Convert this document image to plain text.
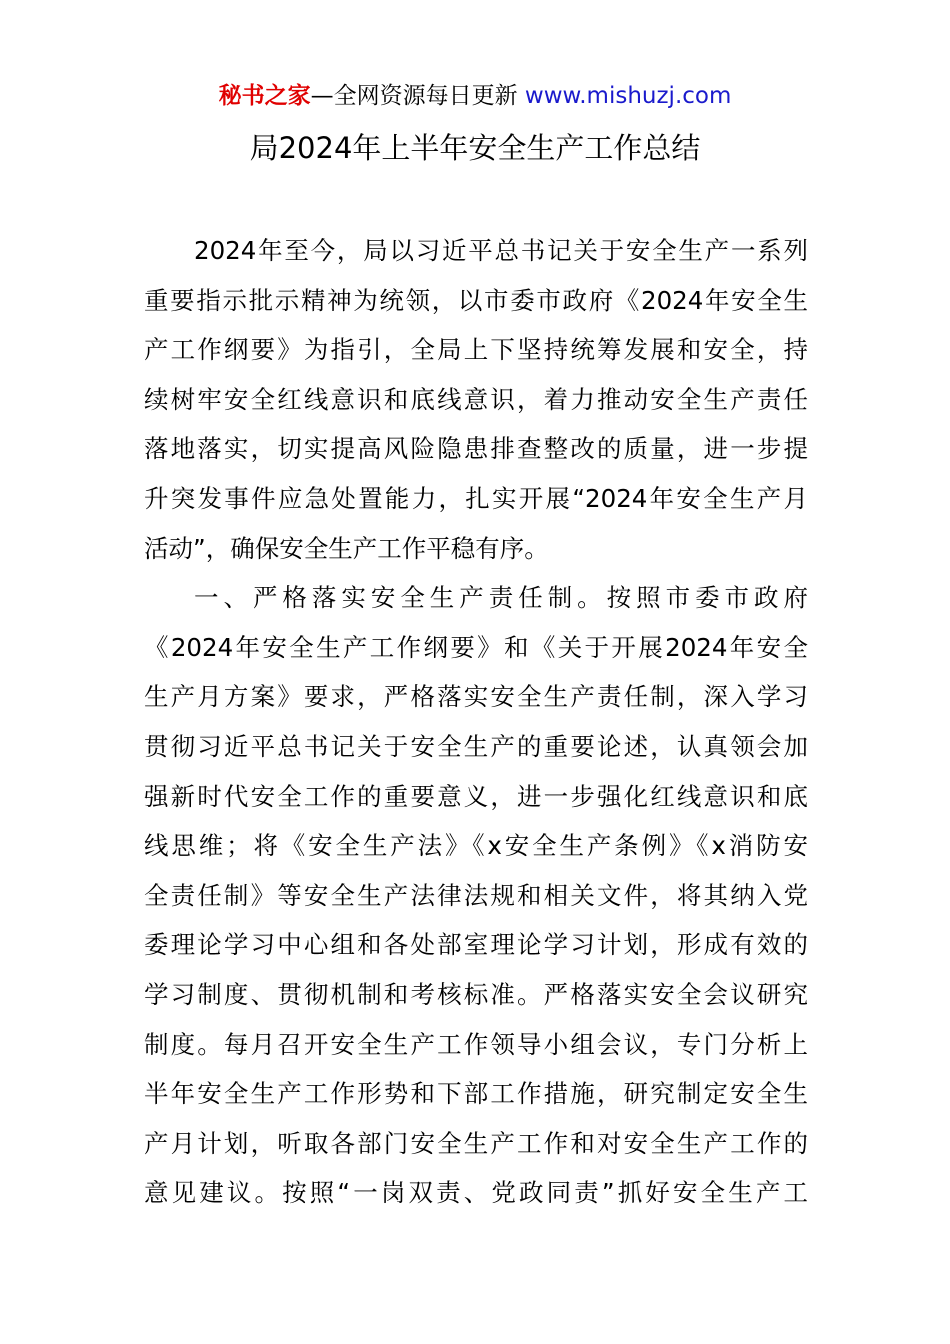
秘书之家—全网资源每日更新 www.mishuzj.com
局2024年上半年安全生产工作总结
2024年至今，局以习近平总书记关于安全生产一系列
重要指示批示精神为统领，以市委市政府《2024年安全生
产工作纲要》为指引，全局上下坚持统筹发展和安全，持
续树牢安全红线意识和底线意识，着力推动安全生产责任
落地落实，切实提高风险隐患排查整改的质量，进一步提
升突发事件应急处置能力，扎实开展“2024年安全生产月
活动”，确保安全生产工作平稳有序。
一、严格落实安全生产责任制。按照市委市政府
《2024年安全生产工作纲要》和《关于开展2024年安全
生产月方案》要求，严格落实安全生产责任制，深入学习
贯彻习近平总书记关于安全生产的重要论述，认真领会加
强新时代安全工作的重要意义，进一步强化红线意识和底
线思维；将《安全生产法》《x安全生产条例》《x消防安
全责任制》等安全生产法律法规和相关文件，将其纳入党
委理论学习中心组和各处部室理论学习计划，形成有效的
学习制度、贯彻机制和考核标准。严格落实安全会议研究
制度。每月召开安全生产工作领导小组会议，专门分析上
半年安全生产工作形势和下部工作措施，研究制定安全生
产月计划，听取各部门安全生产工作和对安全生产工作的
意见建议。按照“一岗双责、党政同责”抓好安全生产工
